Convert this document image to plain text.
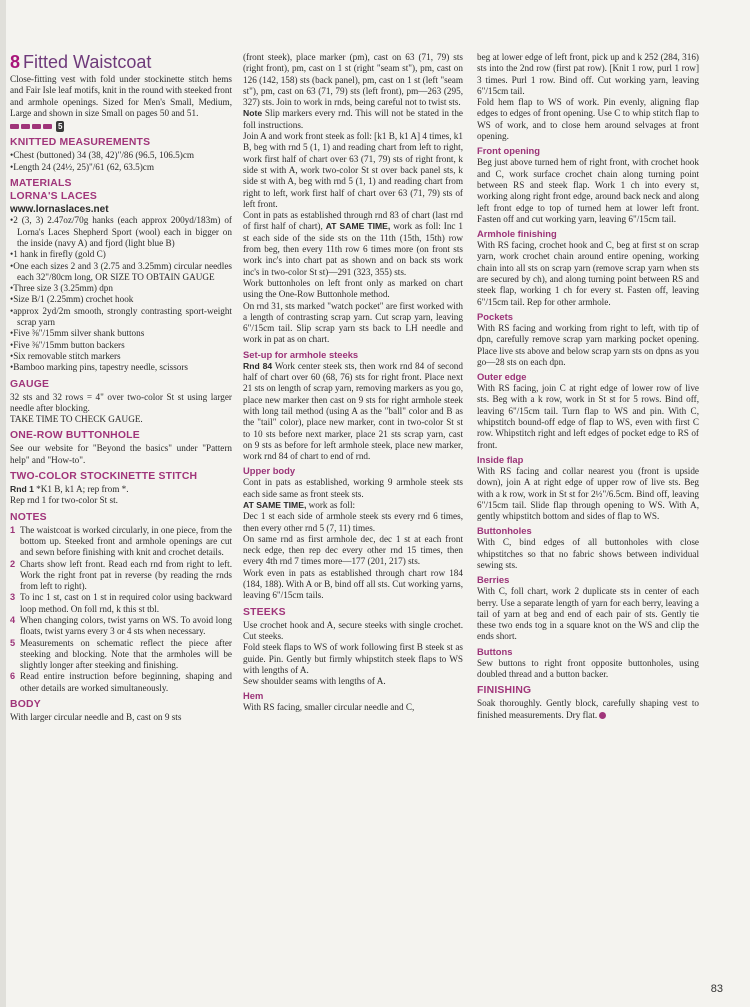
8 Fitted Waistcoat

Close-fitting vest with fold under stockinette stitch hems and Fair Isle leaf motifs, knit in the round with steeked front and armhole openings. Sized for Men's Small, Medium, Large and shown in size Small on pages 50 and 51.

5
KNITTED MEASUREMENTS

•Chest (buttoned) 34 (38, 42)"/86 (96.5, 106.5)cm

•Length 24 (24½, 25)"/61 (62, 63.5)cm

MATERIALS
LORNA'S LACES

www.lornaslaces.net

•2 (3, 3) 2.47oz/70g hanks (each approx 200yd/183m) of Lorna's Laces Shepherd Sport (wool) each in bigger on the inside (navy A) and fjord (light blue B)

•1 hank in firefly (gold C)

•One each sizes 2 and 3 (2.75 and 3.25mm) circular needles each 32"/80cm long, OR SIZE TO OBTAIN GAUGE

•Three size 3 (3.25mm) dpn

•Size B/1 (2.25mm) crochet hook

•approx 2yd/2m smooth, strongly contrasting sport-weight scrap yarn

•Five ⅜"/15mm silver shank buttons

•Five ⅜"/15mm button backers

•Six removable stitch markers

•Bamboo marking pins, tapestry needle, scissors

GAUGE

32 sts and 32 rows = 4" over two-color St st using larger needle after blocking.

TAKE TIME TO CHECK GAUGE.

ONE-ROW BUTTONHOLE

See our website for "Beyond the basics" under "Pattern help" and "How-to".

TWO-COLOR STOCKINETTE STITCH

Rnd 1 *K1 B, k1 A; rep from *.

Rep rnd 1 for two-color St st.

NOTES

1 The waistcoat is worked circularly, in one piece, from the bottom up. Steeked front and armhole openings are cut and sewn before finishing with knit and crochet details.

2 Charts show left front. Read each rnd from right to left. Work the right front pat in reverse (by reading the rnds from left to right).

3 To inc 1 st, cast on 1 st in required color using backward loop method. On foll rnd, k this st tbl.

4 When changing colors, twist yarns on WS. To avoid long floats, twist yarns every 3 or 4 sts when necessary.

5 Measurements on schematic reflect the piece after steeking and blocking. Note that the armholes will be slightly longer after steeking and finishing.

6 Read entire instruction before beginning, shaping and other details are worked simultaneously.

BODY

With larger circular needle and B, cast on 9 sts

(front steek), place marker (pm), cast on 63 (71, 79) sts (right front), pm, cast on 1 st (right "seam st"), pm, cast on 126 (142, 158) sts (back panel), pm, cast on 1 st (left "seam st"), pm, cast on 63 (71, 79) sts (left front), pm—263 (295, 327) sts. Join to work in rnds, being careful not to twist sts.

Note Slip markers every rnd. This will not be stated in the foll instructions.

Join A and work front steek as foll: [k1 B, k1 A] 4 times, k1 B, beg with rnd 5 (1, 1) and reading chart from left to right, work first half of chart over 63 (71, 79) sts of right front, k side st with A, work two-color St st over back panel sts, k side st with A, beg with rnd 5 (1, 1) and reading chart from right to left, work first half of chart over 63 (71, 79) sts of left front.

Cont in pats as established through rnd 83 of chart (last rnd of first half of chart), AT SAME TIME, work as foll: Inc 1 st each side of the side sts on the 11th (15th, 15th) row from beg, then every 11th row 6 times more (on front sts work inc's into chart pat as shown and on back sts work inc's in two-color St st)—291 (323, 355) sts.

Work buttonholes on left front only as marked on chart using the One-Row Buttonhole method.

On rnd 31, sts marked "watch pocket" are first worked with a length of contrasting scrap yarn. Cut scrap yarn, leaving 6"/15cm tail. Slip scrap yarn sts back to LH needle and work in pat as on chart.

Set-up for armhole steeks

Rnd 84 Work center steek sts, then work rnd 84 of second half of chart over 60 (68, 76) sts for right front. Place next 21 sts on length of scrap yarn, removing markers as you go, place new marker then cast on 9 sts for right armhole steek with long tail method (using A as the "ball" color and B as the "tail" color), place new marker, cont in two-color St st to 10 sts before next marker, place 21 sts scrap yarn, cast on 9 sts as before for left armhole steek, place new marker, work rnd 84 of chart to end of rnd.

Upper body

Cont in pats as established, working 9 armhole steek sts each side same as front steek sts.

AT SAME TIME, work as foll:

Dec 1 st each side of armhole steek sts every rnd 6 times, then every other rnd 5 (7, 11) times.

On same rnd as first armhole dec, dec 1 st at each front neck edge, then rep dec every other rnd 15 times, then every 4th rnd 7 times more—177 (201, 217) sts.

Work even in pats as established through chart row 184 (184, 188). With A or B, bind off all sts. Cut working yarns, leaving 6"/15cm tails.

STEEKS

Use crochet hook and A, secure steeks with single crochet. Cut steeks.

Fold steek flaps to WS of work following first B steek st as guide. Pin. Gently but firmly whipstitch steek flaps to WS with lengths of A.

Sew shoulder seams with lengths of A.

Hem

With RS facing, smaller circular needle and C,

beg at lower edge of left front, pick up and k 252 (284, 316) sts into the 2nd row (first pat row). [Knit 1 row, purl 1 row] 3 times. Purl 1 row. Bind off. Cut working yarn, leaving 6"/15cm tail.

Fold hem flap to WS of work. Pin evenly, aligning flap edges to edges of front opening. Use C to whip stitch flap to WS of work, and to close hem around selvages at front opening.

Front opening

Beg just above turned hem of right front, with crochet hook and C, work surface crochet chain along turning point between RS and steek flap. Work 1 ch into every st, working along right front edge, around back neck and along left front edge to top of turned hem at lower left front. Fasten off and cut working yarn, leaving 6"/15cm tail.

Armhole finishing

With RS facing, crochet hook and C, beg at first st on scrap yarn, work crochet chain around entire opening, working chain into all sts on scrap yarn (remove scrap yarn when sts are secured by ch), and along turning point between RS and steek flap, working 1 ch for every st. Fasten off, leaving 6"/15cm tail. Rep for other armhole.

Pockets

With RS facing and working from right to left, with tip of dpn, carefully remove scrap yarn marking pocket opening. Place live sts above and below scrap yarn sts on dpns as you go—28 sts on each dpn.

Outer edge

With RS facing, join C at right edge of lower row of live sts. Beg with a k row, work in St st for 5 rows. Bind off, leaving 6"/15cm tail. Turn flap to WS and pin. With C, whipstitch bound-off edge of flap to WS, even with first C row. Whipstitch right and left edges of pocket edge to RS of front.

Inside flap

With RS facing and collar nearest you (front is upside down), join A at right edge of upper row of live sts. Beg with a k row, work in St st for 2½"/6.5cm. Bind off, leaving 6"/15cm tail. Slide flap through opening to WS. With A, gently whipstitch bottom and sides of flap to WS.

Buttonholes

With C, bind edges of all buttonholes with close whipstitches so that no fabric shows between individual sewing sts.

Berries

With C, foll chart, work 2 duplicate sts in center of each berry. Use a separate length of yarn for each berry, leaving a tail of yarn at beg and end of each pair of sts. Gently tie these two ends tog in a square knot on the WS and clip the ends short.

Buttons

Sew buttons to right front opposite buttonholes, using doubled thread and a button backer.

FINISHING

Soak thoroughly. Gently block, carefully shaping vest to finished measurements. Dry flat.

83
